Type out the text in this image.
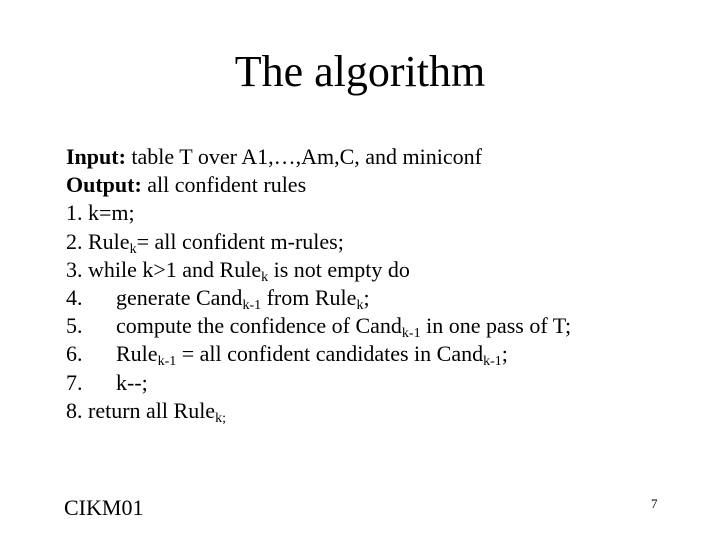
The algorithm
Input: table T over A1,…,Am,C, and miniconf
Output: all confident rules
1. k=m;
2. Rule$_k$= all confident m-rules;
3. while k>1 and Rule$_k$ is not empty do
4. generate Cand$_{k-1}$ from Rule$_k$;
5. compute the confidence of Cand$_{k-1}$ in one pass of T;
6. Rule$_{k-1}$ = all confident candidates in Cand$_{k-1}$;
7. k--;
8. return all Rule$_{k;}$
CIKM01	7
